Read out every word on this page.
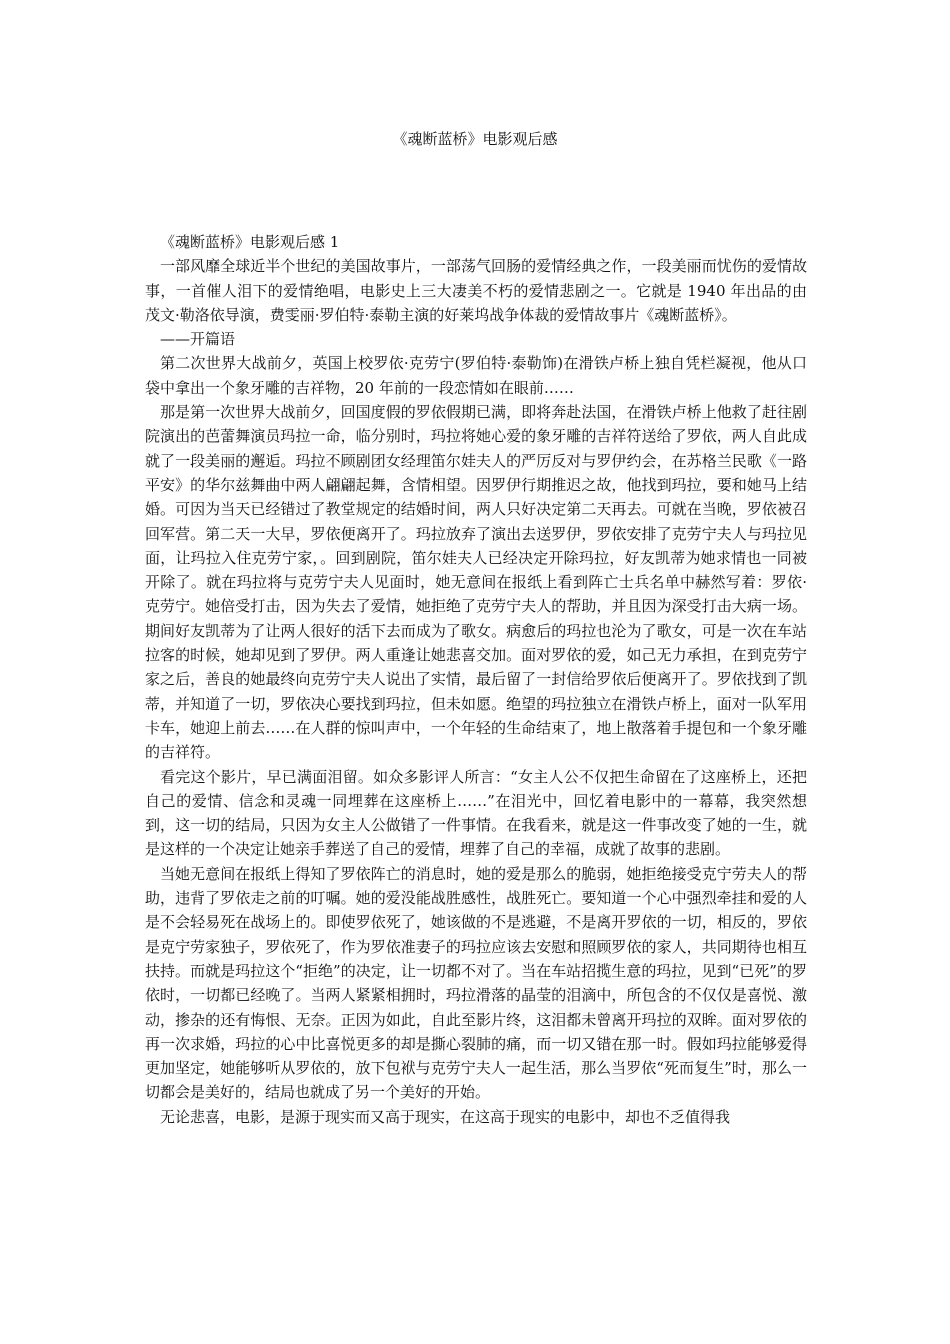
《魂断蓝桥》电影观后感

《魂断蓝桥》电影观后感 1

一部风靡全球近半个世纪的美国故事片，一部荡气回肠的爱情经典之作，一段美丽而忧伤的爱情故事，一首催人泪下的爱情绝唱，电影史上三大凄美不朽的爱情悲剧之一。它就是 1940 年出品的由茂文·勒洛依导演，费雯丽·罗伯特·泰勒主演的好莱坞战争体裁的爱情故事片《魂断蓝桥》。

——开篇语

第二次世界大战前夕，英国上校罗依·克劳宁(罗伯特·泰勒饰)在滑铁卢桥上独自凭栏凝视，他从口袋中拿出一个象牙雕的吉祥物，20 年前的一段恋情如在眼前……

那是第一次世界大战前夕，回国度假的罗依假期已满，即将奔赴法国，在滑铁卢桥上他救了赶往剧院演出的芭蕾舞演员玛拉一命，临分别时，玛拉将她心爱的象牙雕的吉祥符送给了罗依，两人自此成就了一段美丽的邂逅。玛拉不顾剧团女经理笛尔娃夫人的严厉反对与罗伊约会，在苏格兰民歌《一路平安》的华尔兹舞曲中两人翩翩起舞，含情相望。因罗伊行期推迟之故，他找到玛拉，要和她马上结婚。可因为当天已经错过了教堂规定的结婚时间，两人只好决定第二天再去。可就在当晚，罗依被召回军营。第二天一大早，罗依便离开了。玛拉放弃了演出去送罗伊，罗依安排了克劳宁夫人与玛拉见面，让玛拉入住克劳宁家，。回到剧院，笛尔娃夫人已经决定开除玛拉，好友凯蒂为她求情也一同被开除了。就在玛拉将与克劳宁夫人见面时，她无意间在报纸上看到阵亡士兵名单中赫然写着：罗依·克劳宁。她倍受打击，因为失去了爱情，她拒绝了克劳宁夫人的帮助，并且因为深受打击大病一场。期间好友凯蒂为了让两人很好的活下去而成为了歌女。病愈后的玛拉也沦为了歌女，可是一次在车站拉客的时候，她却见到了罗伊。两人重逢让她悲喜交加。面对罗依的爱，如己无力承担，在到克劳宁家之后，善良的她最终向克劳宁夫人说出了实情，最后留了一封信给罗依后便离开了。罗依找到了凯蒂，并知道了一切，罗依决心要找到玛拉，但未如愿。绝望的玛拉独立在滑铁卢桥上，面对一队军用卡车，她迎上前去……在人群的惊叫声中，一个年轻的生命结束了，地上散落着手提包和一个象牙雕的吉祥符。

看完这个影片，早已满面泪留。如众多影评人所言：“女主人公不仅把生命留在了这座桥上，还把自己的爱情、信念和灵魂一同埋葬在这座桥上……”在泪光中，回忆着电影中的一幕幕，我突然想到，这一切的结局，只因为女主人公做错了一件事情。在我看来，就是这一件事改变了她的一生，就是这样的一个决定让她亲手葬送了自己的爱情，埋葬了自己的幸福，成就了故事的悲剧。

当她无意间在报纸上得知了罗依阵亡的消息时，她的爱是那么的脆弱，她拒绝接受克宁劳夫人的帮助，违背了罗依走之前的叮嘱。她的爱没能战胜感性，战胜死亡。要知道一个心中强烈牵挂和爱的人是不会轻易死在战场上的。即使罗依死了，她该做的不是逃避，不是离开罗依的一切，相反的，罗依是克宁劳家独子，罗依死了，作为罗依准妻子的玛拉应该去安慰和照顾罗依的家人，共同期待也相互扶持。而就是玛拉这个“拒绝”的决定，让一切都不对了。当在车站招揽生意的玛拉，见到“已死”的罗依时，一切都已经晚了。当两人紧紧相拥时，玛拉滑落的晶莹的泪滴中，所包含的不仅仅是喜悦、激动，掺杂的还有悔恨、无奈。正因为如此，自此至影片终，这泪都未曾离开玛拉的双眸。面对罗依的再一次求婚，玛拉的心中比喜悦更多的却是撕心裂肺的痛，而一切又错在那一时。假如玛拉能够爱得更加坚定，她能够听从罗依的，放下包袱与克劳宁夫人一起生活，那么当罗依“死而复生”时，那么一切都会是美好的，结局也就成了另一个美好的开始。

无论悲喜，电影，是源于现实而又高于现实，在这高于现实的电影中，却也不乏值得我
